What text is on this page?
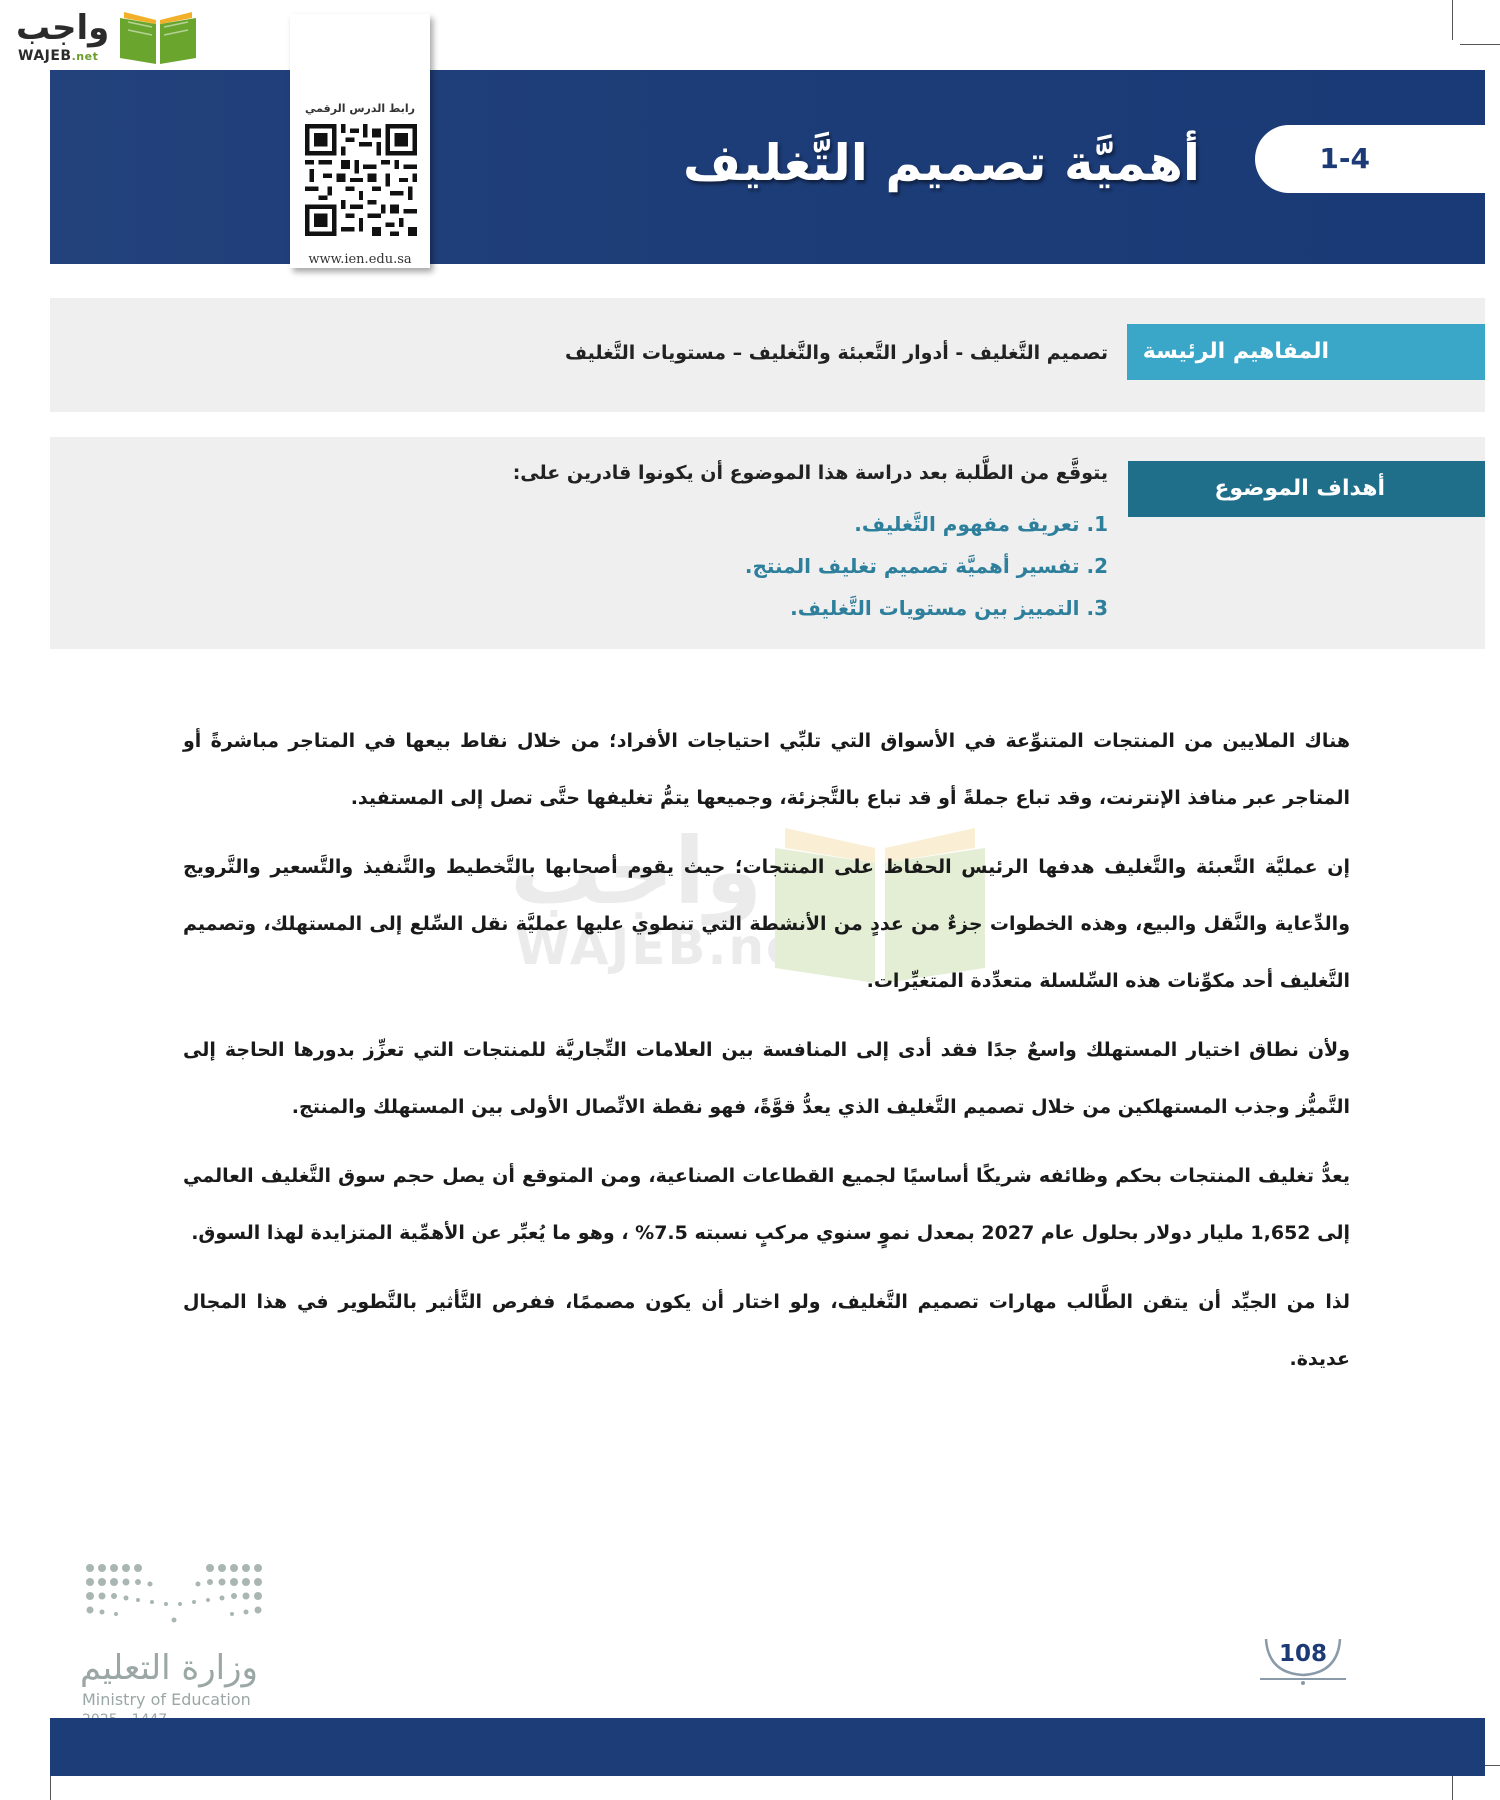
واجب
WAJEB.net
1-4
أهميَّة تصميم التَّغليف
رابط الدرس الرقمي
www.ien.edu.sa
المفاهيم الرئيسة
تصميم التَّغليف - أدوار التَّعبئة والتَّغليف – مستويات التَّغليف
أهداف الموضوع
يتوقَّع من الطَّلبة بعد دراسة هذا الموضوع أن يكونوا قادرين على:
1. تعريف مفهوم التَّغليف.
2. تفسير أهميَّة تصميم تغليف المنتج.
3. التمييز بين مستويات التَّغليف.
واجب
WAJEB.net

هناك الملايين من المنتجات المتنوِّعة في الأسواق التي تلبِّي احتياجات الأفراد؛ من خلال نقاط بيعها في المتاجر مباشرةً أو المتاجر عبر منافذ الإنترنت، وقد تباع جملةً أو قد تباع بالتَّجزئة، وجميعها يتمُّ تغليفها حتَّى تصل إلى المستفيد.

إن عمليَّة التَّعبئة والتَّغليف هدفها الرئيس الحفاظ على المنتجات؛ حيث يقوم أصحابها بالتَّخطيط والتَّنفيذ والتَّسعير والتَّرويج والدِّعاية والنَّقل والبيع، وهذه الخطوات جزءٌ من عددٍ من الأنشطة التي تنطوي عليها عمليَّة نقل السِّلع إلى المستهلك، وتصميم التَّغليف أحد مكوِّنات هذه السِّلسلة متعدِّدة المتغيِّرات.

ولأن نطاق اختيار المستهلك واسعٌ جدًا فقد أدى إلى المنافسة بين العلامات التِّجاريَّة للمنتجات التي تعزِّز بدورها الحاجة إلى التَّميُّز وجذب المستهلكين من خلال تصميم التَّغليف الذي يعدُّ قوَّةً، فهو نقطة الاتِّصال الأولى بين المستهلك والمنتج.

يعدُّ تغليف المنتجات بحكم وظائفه شريكًا أساسيًا لجميع القطاعات الصناعية، ومن المتوقع أن يصل حجم سوق التَّغليف العالمي إلى 1,652 مليار دولار بحلول عام 2027 بمعدل نموٍ سنوي مركبٍ نسبته 7.5% ، وهو ما يُعبِّر عن الأهمِّية المتزايدة لهذا السوق.

لذا من الجيِّد أن يتقن الطَّالب مهارات تصميم التَّغليف، ولو اختار أن يكون مصممًا، ففرص التَّأثير بالتَّطوير في هذا المجال عديدة.

وزارة التعليم
Ministry of Education
108
